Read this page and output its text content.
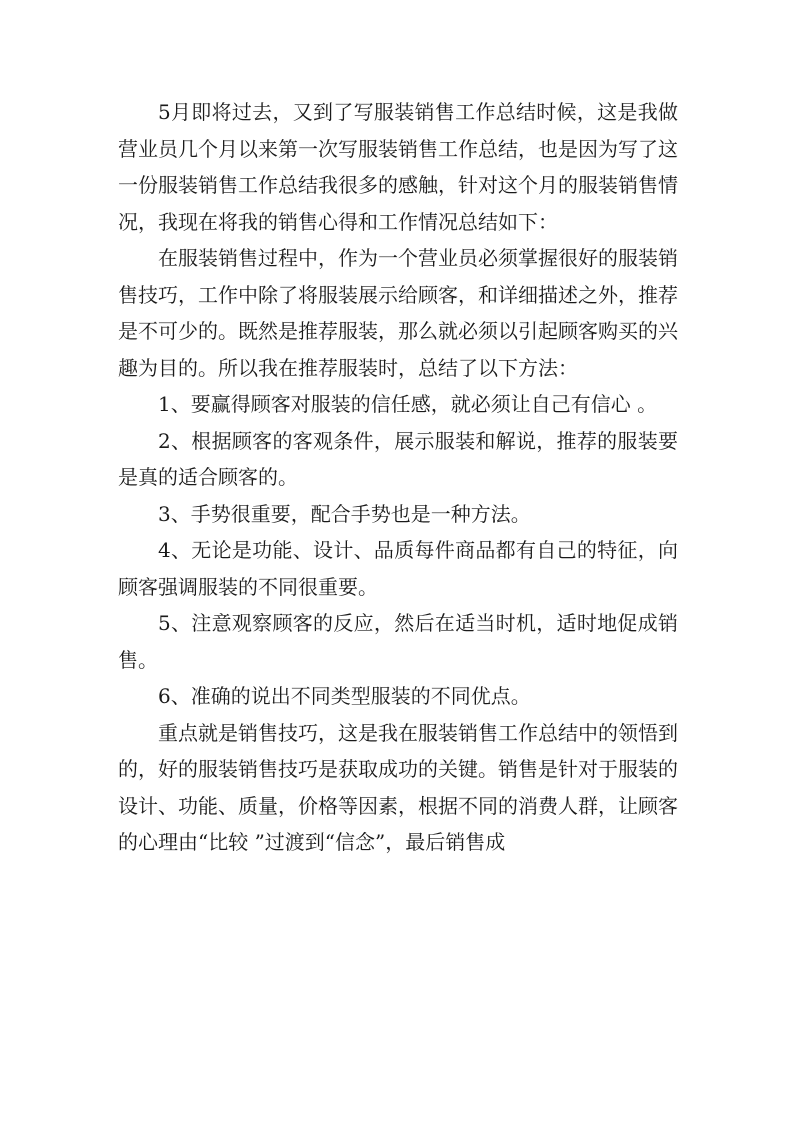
5月即将过去，又到了写服装销售工作总结时候，这是我做营业员几个月以来第一次写服装销售工作总结，也是因为写了这一份服装销售工作总结我很多的感触，针对这个月的服装销售情况，我现在将我的销售心得和工作情况总结如下：

在服装销售过程中，作为一个营业员必须掌握很好的服装销售技巧，工作中除了将服装展示给顾客，和详细描述之外，推荐是不可少的。既然是推荐服装，那么就必须以引起顾客购买的兴趣为目的。所以我在推荐服装时，总结了以下方法：

1、要赢得顾客对服装的信任感，就必须让自己有信心 。

2、根据顾客的客观条件，展示服装和解说，推荐的服装要是真的适合顾客的。

3、手势很重要，配合手势也是一种方法。

4、无论是功能、设计、品质每件商品都有自己的特征，向顾客强调服装的不同很重要。

5、注意观察顾客的反应，然后在适当时机，适时地促成销售。

6、准确的说出不同类型服装的不同优点。

重点就是销售技巧，这是我在服装销售工作总结中的领悟到的，好的服装销售技巧是获取成功的关键。销售是针对于服装的设计、功能、质量，价格等因素，根据不同的消费人群，让顾客的心理由“比较 ”过渡到“信念”，最后销售成
